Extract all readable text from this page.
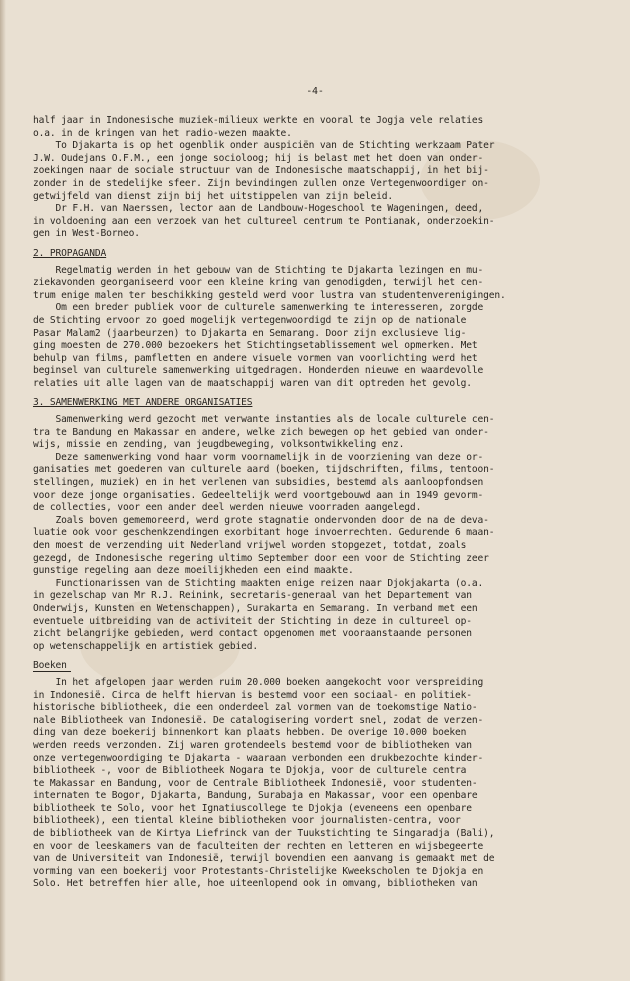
-4-

half jaar in Indonesische muziek-milieux werkte en vooral te Jogja vele relaties

o.a. in de kringen van het radio-wezen maakte.

To Djakarta is op het ogenblik onder auspiciën van de Stichting werkzaam Pater

J.W. Oudejans O.F.M., een jonge socioloog; hij is belast met het doen van onder-

zoekingen naar de sociale structuur van de Indonesische maatschappij, in het bij-

zonder in de stedelijke sfeer. Zijn bevindingen zullen onze Vertegenwoordiger on-

getwijfeld van dienst zijn bij het uitstippelen van zijn beleid.

Dr F.H. van Naerssen, lector aan de Landbouw-Hogeschool te Wageningen, deed,

in voldoening aan een verzoek van het cultureel centrum te Pontianak, onderzoekin-

gen in West-Borneo.

2. PROPAGANDA

Regelmatig werden in het gebouw van de Stichting te Djakarta lezingen en mu-

ziekavonden georganiseerd voor een kleine kring van genodigden, terwijl het cen-

trum enige malen ter beschikking gesteld werd voor lustra van studentenverenigingen.

Om een breder publiek voor de culturele samenwerking te interesseren, zorgde

de Stichting ervoor zo goed mogelijk vertegenwoordigd te zijn op de nationale

Pasar Malam2 (jaarbeurzen) to Djakarta en Semarang. Door zijn exclusieve lig-

ging moesten de 270.000 bezoekers het Stichtingsetablissement wel opmerken. Met

behulp van films, pamfletten en andere visuele vormen van voorlichting werd het

beginsel van culturele samenwerking uitgedragen. Honderden nieuwe en waardevolle

relaties uit alle lagen van de maatschappij waren van dit optreden het gevolg.

3. SAMENWERKING MET ANDERE ORGANISATIES

Samenwerking werd gezocht met verwante instanties als de locale culturele cen-

tra te Bandung en Makassar en andere, welke zich bewegen op het gebied van onder-

wijs, missie en zending, van jeugdbeweging, volksontwikkeling enz.

Deze samenwerking vond haar vorm voornamelijk in de voorziening van deze or-

ganisaties met goederen van culturele aard (boeken, tijdschriften, films, tentoon-

stellingen, muziek) en in het verlenen van subsidies, bestemd als aanloopfondsen

voor deze jonge organisaties. Gedeeltelijk werd voortgebouwd aan in 1949 gevorm-

de collecties, voor een ander deel werden nieuwe voorraden aangelegd.

Zoals boven gememoreerd, werd grote stagnatie ondervonden door de na de deva-

luatie ook voor geschenkzendingen exorbitant hoge invoerrechten. Gedurende 6 maan-

den moest de verzending uit Nederland vrijwel worden stopgezet, totdat, zoals

gezegd, de Indonesische regering ultimo September door een voor de Stichting zeer

gunstige regeling aan deze moeilijkheden een eind maakte.

Functionarissen van de Stichting maakten enige reizen naar Djokjakarta (o.a.

in gezelschap van Mr R.J. Reinink, secretaris-generaal van het Departement van

Onderwijs, Kunsten en Wetenschappen), Surakarta en Semarang. In verband met een

eventuele uitbreiding van de activiteit der Stichting in deze in cultureel op-

zicht belangrijke gebieden, werd contact opgenomen met vooraanstaande personen

op wetenschappelijk en artistiek gebied.

Boeken

In het afgelopen jaar werden ruim 20.000 boeken aangekocht voor verspreiding

in Indonesië. Circa de helft hiervan is bestemd voor een sociaal- en politiek-

historische bibliotheek, die een onderdeel zal vormen van de toekomstige Natio-

nale Bibliotheek van Indonesië. De catalogisering vordert snel, zodat de verzen-

ding van deze boekerij binnenkort kan plaats hebben. De overige 10.000 boeken

werden reeds verzonden. Zij waren grotendeels bestemd voor de bibliotheken van

onze vertegenwoordiging te Djakarta - waaraan verbonden een drukbezochte kinder-

bibliotheek -, voor de Bibliotheek Nogara te Djokja, voor de culturele centra

te Makassar en Bandung, voor de Centrale Bibliotheek Indonesië, voor studenten-

internaten te Bogor, Djakarta, Bandung, Surabaja en Makassar, voor een openbare

bibliotheek te Solo, voor het Ignatiuscollege te Djokja (eveneens een openbare

bibliotheek), een tiental kleine bibliotheken voor journalisten-centra, voor

de bibliotheek van de Kirtya Liefrinck van der Tuukstichting te Singaradja (Bali),

en voor de leeskamers van de faculteiten der rechten en letteren en wijsbegeerte

van de Universiteit van Indonesië, terwijl bovendien een aanvang is gemaakt met de

vorming van een boekerij voor Protestants-Christelijke Kweekscholen te Djokja en

Solo. Het betreffen hier alle, hoe uiteenlopend ook in omvang, bibliotheken van
